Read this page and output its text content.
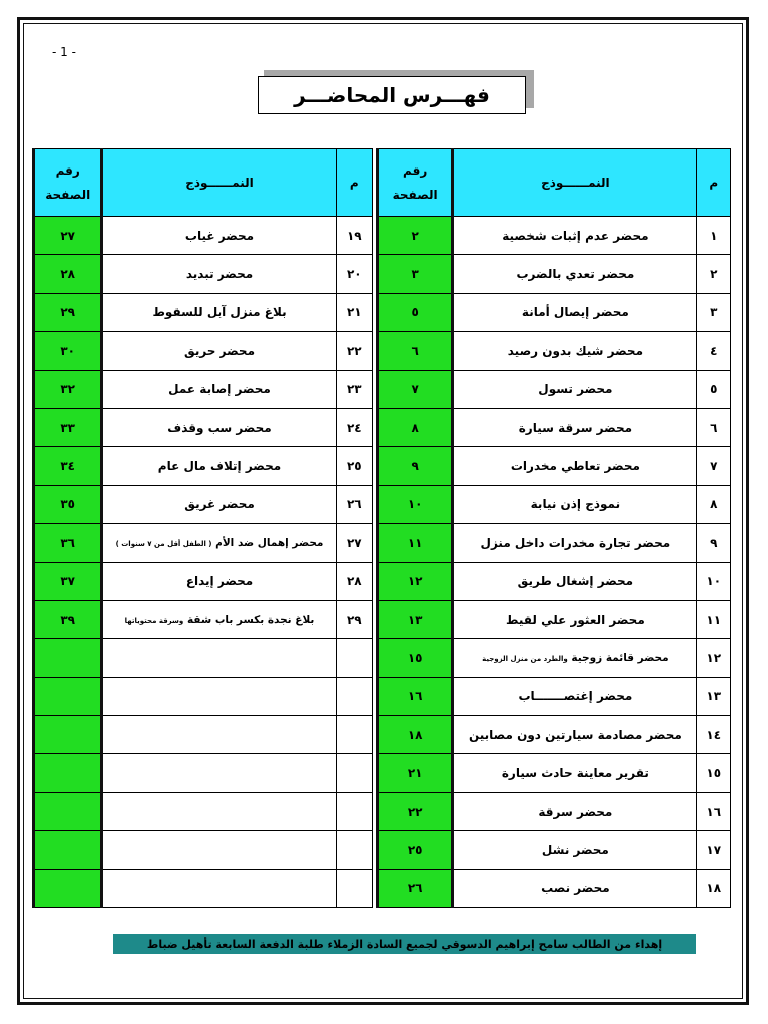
- 1 -
فهـــرس المحاضـــر
م	النمــــــوذج	رقم
الصفحة

١	محضر عدم إثبات شخصية	٢
٢	محضر تعدي بالضرب	٣
٣	محضر إيصال أمانة	٥
٤	محضر شيك بدون رصيد	٦
٥	محضر تسول	٧
٦	محضر سرقة سيارة	٨
٧	محضر تعاطي مخدرات	٩
٨	نموذج إذن نيابة	١٠
٩	محضر تجارة مخدرات داخل منزل	١١
١٠	محضر إشغال طريق	١٢
١١	محضر العثور علي لقيط	١٣
١٢	محضر قائمة زوجية والطرد من منزل الزوجية	١٥
١٣	محضر إغتصـــــــاب	١٦
١٤	محضر مصادمة سيارتين دون مصابين	١٨
١٥	تقرير معاينة حادث سيارة	٢١
١٦	محضر سرقة	٢٢
١٧	محضر نشل	٢٥
١٨	محضر نصب	٢٦
م	النمــــــوذج	رقم
الصفحة

١٩	محضر غياب	٢٧
٢٠	محضر تبديد	٢٨
٢١	بلاغ منزل آيل للسقوط	٢٩
٢٢	محضر حريق	٣٠
٢٣	محضر إصابة عمل	٣٢
٢٤	محضر سب وقذف	٣٣
٢٥	محضر إتلاف مال عام	٣٤
٢٦	محضر غريق	٣٥
٢٧	محضر إهمال ضد الأم ( الطفل أقل من ٧ سنوات )	٣٦
٢٨	محضر إيداع	٣٧
٢٩	بلاغ نجدة بكسر باب شقة وسرقة محتوياتها	٣٩

إهداء من الطالب سامح إبراهيم الدسوقي لجميع السادة الزملاء طلبة الدفعة السابعة تأهيل ضباط
